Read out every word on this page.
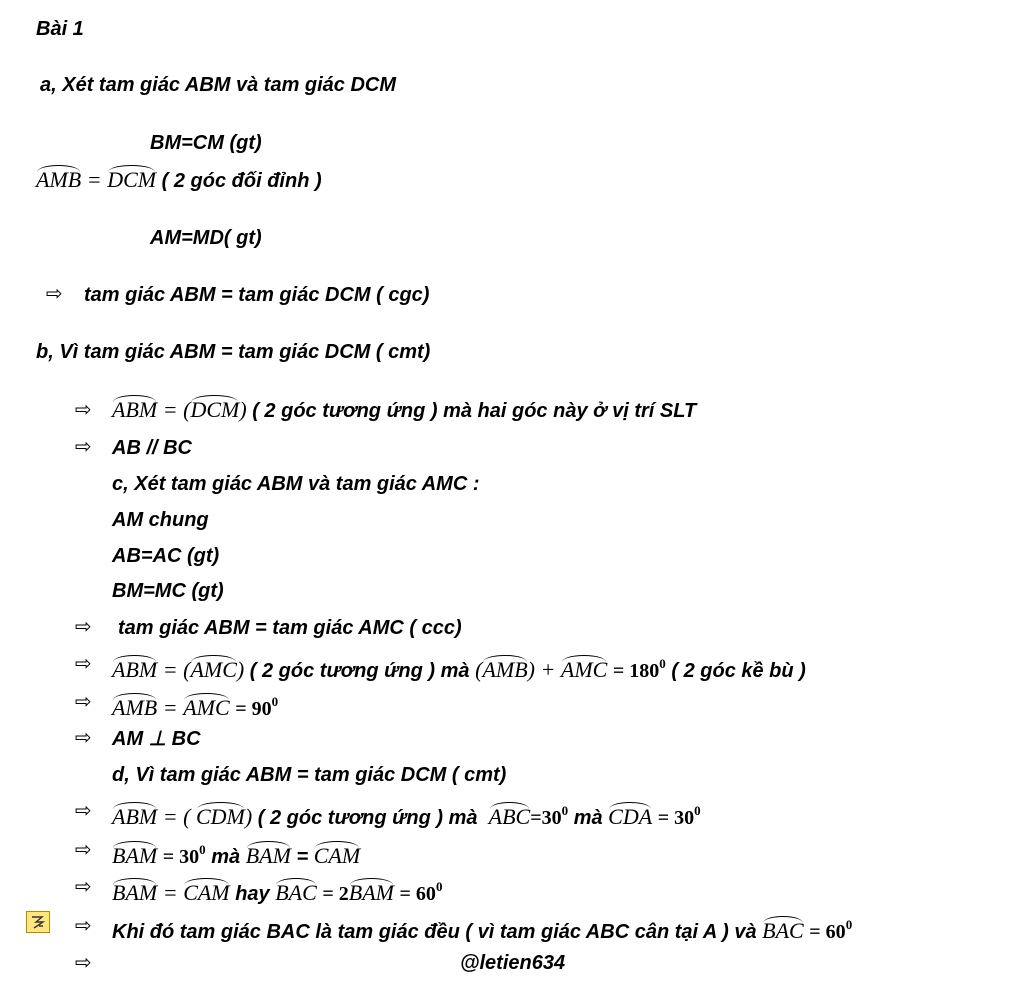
Bài 1
a, Xét tam giác ABM và tam giác DCM
BM=CM (gt)
AMB = DCM ( 2 góc đối đỉnh )
AM=MD( gt)
⇨ tam giác ABM = tam giác DCM ( cgc)
b, Vì tam giác ABM = tam giác DCM ( cmt)
⇨ ABM = (DCM) ( 2 góc tương ứng ) mà hai góc này ở vị trí SLT
⇨ AB // BC
c, Xét tam giác ABM và tam giác AMC :
AM chung
AB=AC (gt)
BM=MC (gt)
⇨ tam giác ABM = tam giác AMC ( ccc)
⇨ ABM = (AMC) ( 2 góc tương ứng ) mà (AMB) + AMC = $180^0$ ( 2 góc kề bù )
⇨ AMB = AMC = $90^0$
⇨ AM ⊥ BC
d, Vì tam giác ABM = tam giác DCM ( cmt)
⇨ ABM = ( CDM) ( 2 góc tương ứng ) mà $ABC=30^0$ mà CDA = $30^0$
⇨ BAM = $30^0$ mà BAM = CAM
⇨ BAM = CAM hay BAC = $2BAM = 60^0$
⇨ Khi đó tam giác BAC là tam giác đều ( vì tam giác ABC cân tại A ) và BAC = $60^0$
⇨	@letien634
